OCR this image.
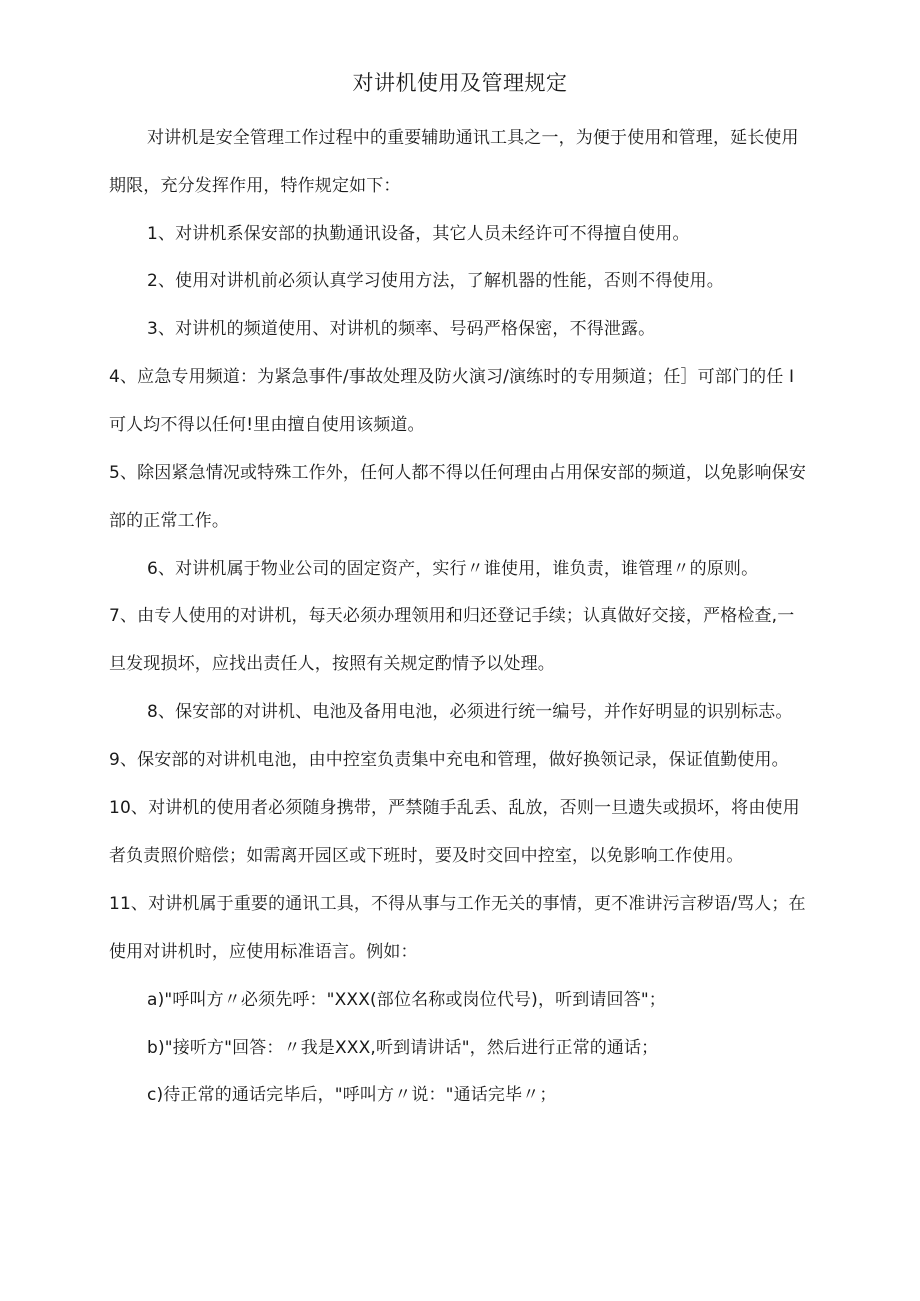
对讲机使用及管理规定
对讲机是安全管理工作过程中的重要辅助通讯工具之一，为便于使用和管理，延长使用
期限，充分发挥作用，特作规定如下：
1、对讲机系保安部的执勤通讯设备，其它人员未经许可不得擅自使用。
2、使用对讲机前必须认真学习使用方法，了解机器的性能，否则不得使用。
3、对讲机的频道使用、对讲机的频率、号码严格保密，不得泄露。
4、应急专用频道：为紧急事件/事故处理及防火演习/演练时的专用频道；任］可部门的任 I
可人均不得以任何!里由擅自使用该频道。
5、除因紧急情况或特殊工作外，任何人都不得以任何理由占用保安部的频道，以免影响保安
部的正常工作。
6、对讲机属于物业公司的固定资产，实行〃谁使用，谁负责，谁管理〃的原则。
7、由专人使用的对讲机，每天必须办理领用和归还登记手续；认真做好交接，严格检查,一
旦发现损坏，应找出责任人，按照有关规定酌情予以处理。
8、保安部的对讲机、电池及备用电池，必须进行统一编号，并作好明显的识别标志。
9、保安部的对讲机电池，由中控室负责集中充电和管理，做好换领记录，保证值勤使用。
10、对讲机的使用者必须随身携带，严禁随手乱丢、乱放，否则一旦遗失或损坏，将由使用
者负责照价赔偿；如需离开园区或下班时，要及时交回中控室，以免影响工作使用。
11、对讲机属于重要的通讯工具，不得从事与工作无关的事情，更不准讲污言秽语/骂人；在
使用对讲机时，应使用标准语言。例如：
a)"呼叫方〃必须先呼："XXX(部位名称或岗位代号)，听到请回答"；
b)"接听方"回答：〃我是XXX,听到请讲话"，然后进行正常的通话；
c)待正常的通话完毕后，"呼叫方〃说："通话完毕〃；
